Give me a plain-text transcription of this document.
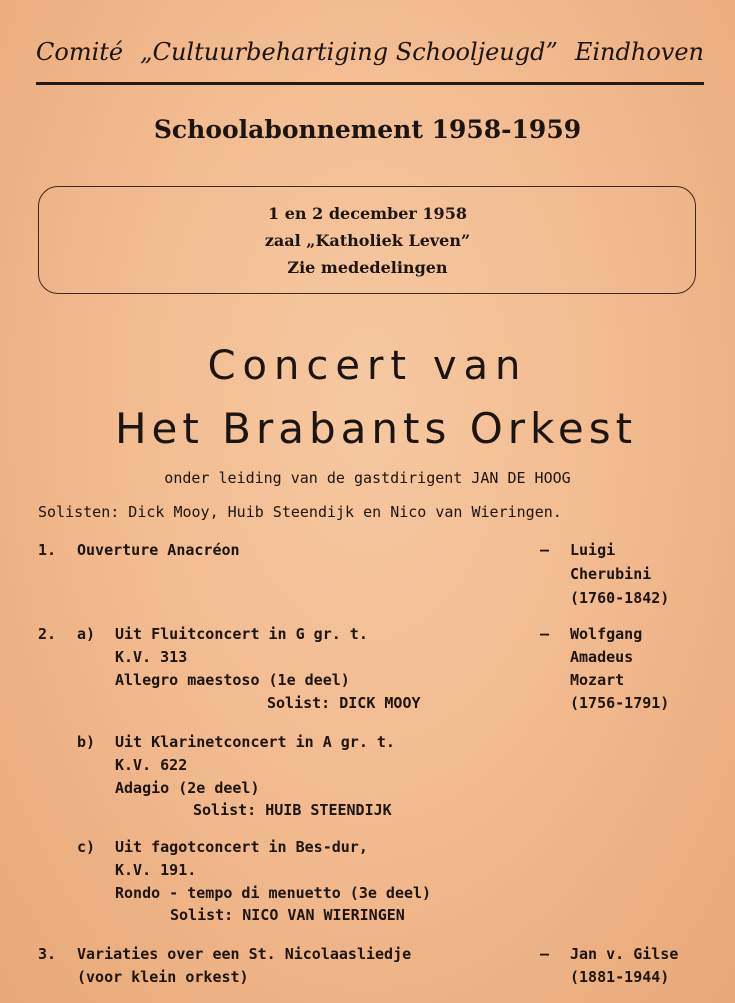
Comité „Cultuurbehartiging Schooljeugd” Eindhoven
Schoolabonnement 1958-1959
1 en 2 december 1958
zaal „Katholiek Leven”
Zie mededelingen
Concert van
Het Brabants Orkest
onder leiding van de gastdirigent JAN DE HOOG
Solisten: Dick Mooy, Huib Steendijk en Nico van Wieringen.
1. Ouverture Anacréon	— Luigi
Cherubini
(1760-1842)
2. a) Uit Fluitconcert in G gr. t.
K.V. 313
Allegro maestoso (1e deel)
Solist: DICK MOOY
— Wolfgang
Amadeus
Mozart
(1756-1791)
b) Uit Klarinetconcert in A gr. t.
K.V. 622
Adagio (2e deel)
Solist: HUIB STEENDIJK
c) Uit fagotconcert in Bes-dur,
K.V. 191.
Rondo - tempo di menuetto (3e deel)
Solist: NICO VAN WIERINGEN
3. Variaties over een St. Nicolaasliedje
(voor klein orkest)
— Jan v. Gilse
(1881-1944)
